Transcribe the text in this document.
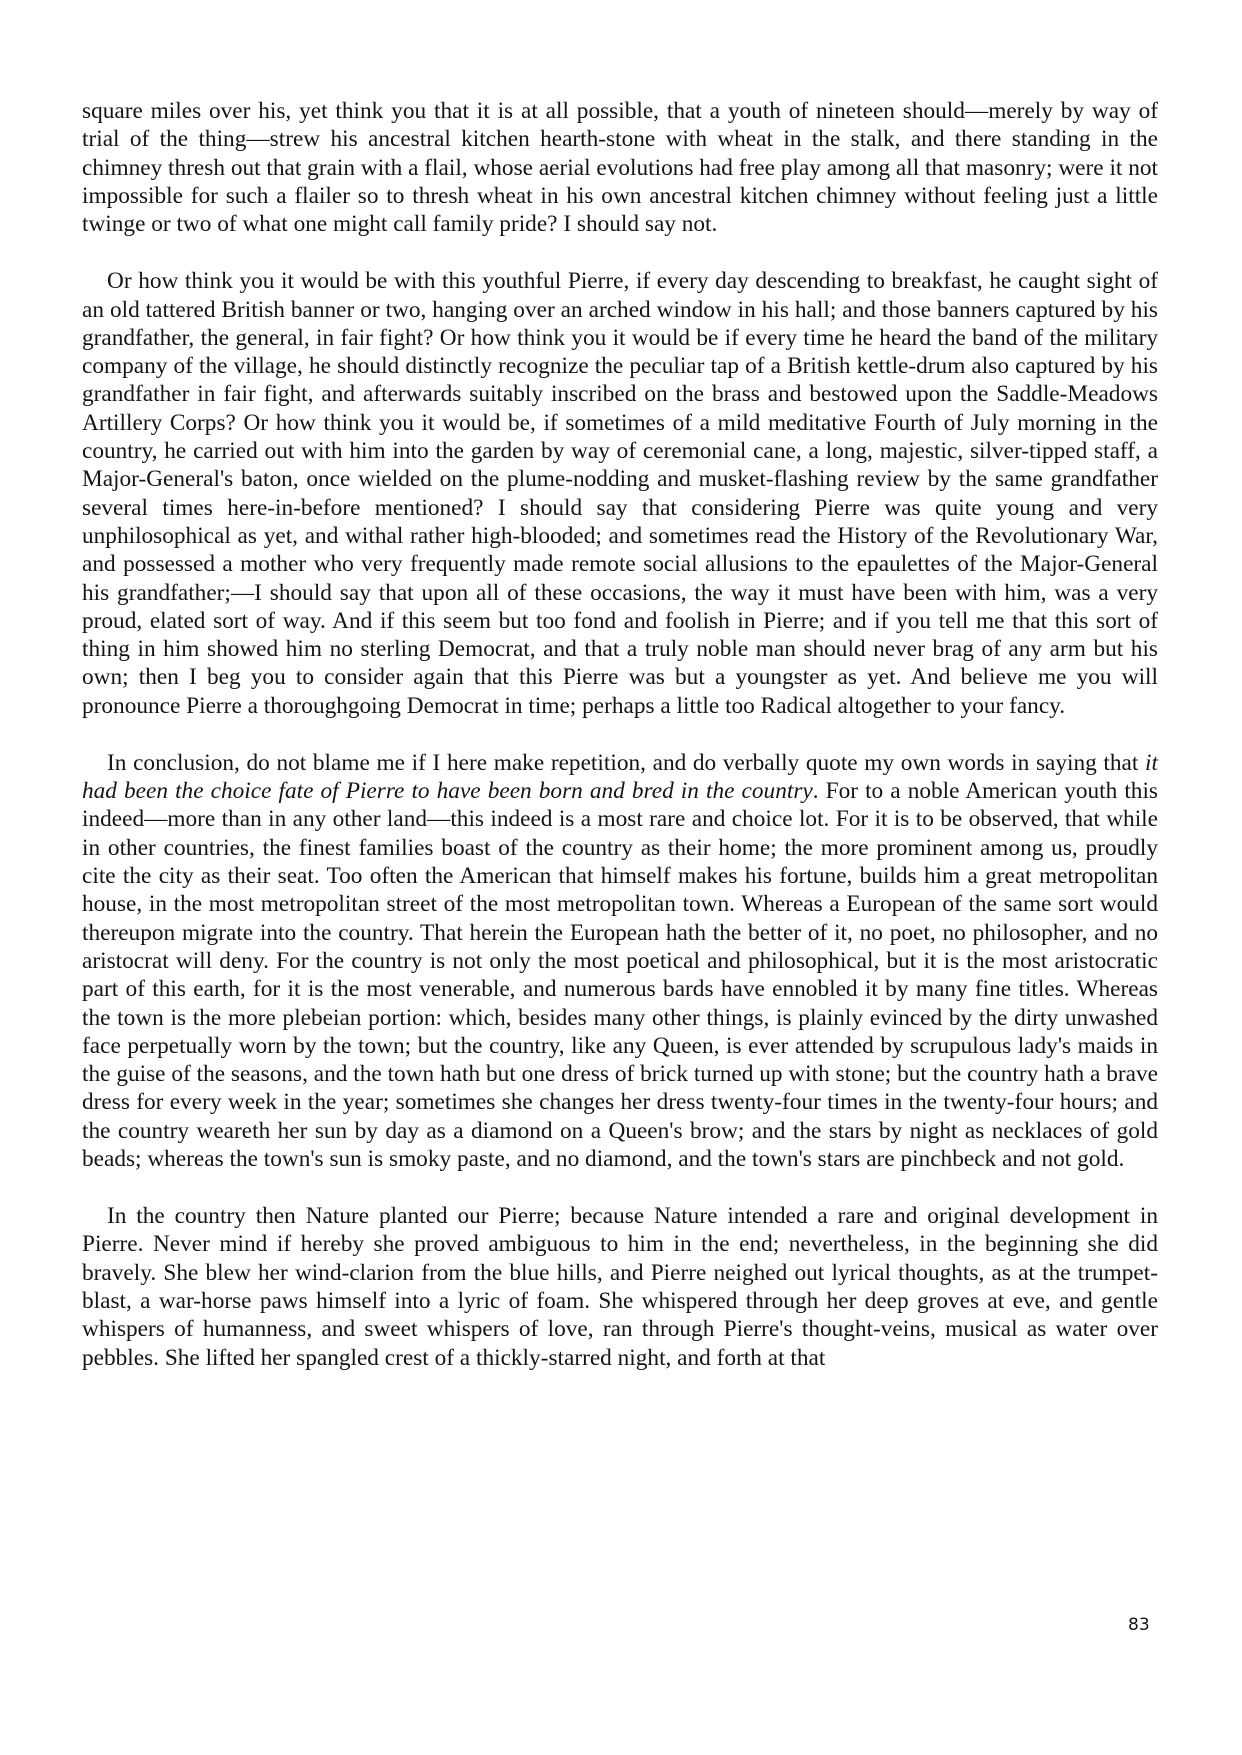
square miles over his, yet think you that it is at all possible, that a youth of nineteen should—merely by way of trial of the thing—strew his ancestral kitchen hearth-stone with wheat in the stalk, and there standing in the chimney thresh out that grain with a flail, whose aerial evolutions had free play among all that masonry; were it not impossible for such a flailer so to thresh wheat in his own ancestral kitchen chimney without feeling just a little twinge or two of what one might call family pride? I should say not.

Or how think you it would be with this youthful Pierre, if every day descending to breakfast, he caught sight of an old tattered British banner or two, hanging over an arched window in his hall; and those banners captured by his grandfather, the general, in fair fight? Or how think you it would be if every time he heard the band of the military company of the village, he should distinctly recognize the peculiar tap of a British kettle-drum also captured by his grandfather in fair fight, and afterwards suitably inscribed on the brass and bestowed upon the Saddle-Meadows Artillery Corps? Or how think you it would be, if sometimes of a mild meditative Fourth of July morning in the country, he carried out with him into the garden by way of ceremonial cane, a long, majestic, silver-tipped staff, a Major-General's baton, once wielded on the plume-nodding and musket-flashing review by the same grandfather several times here-in-before mentioned? I should say that considering Pierre was quite young and very unphilosophical as yet, and withal rather high-blooded; and sometimes read the History of the Revolutionary War, and possessed a mother who very frequently made remote social allusions to the epaulettes of the Major-General his grandfather;—I should say that upon all of these occasions, the way it must have been with him, was a very proud, elated sort of way. And if this seem but too fond and foolish in Pierre; and if you tell me that this sort of thing in him showed him no sterling Democrat, and that a truly noble man should never brag of any arm but his own; then I beg you to consider again that this Pierre was but a youngster as yet. And believe me you will pronounce Pierre a thoroughgoing Democrat in time; perhaps a little too Radical altogether to your fancy.

In conclusion, do not blame me if I here make repetition, and do verbally quote my own words in saying that it had been the choice fate of Pierre to have been born and bred in the country. For to a noble American youth this indeed—more than in any other land—this indeed is a most rare and choice lot. For it is to be observed, that while in other countries, the finest families boast of the country as their home; the more prominent among us, proudly cite the city as their seat. Too often the American that himself makes his fortune, builds him a great metropolitan house, in the most metropolitan street of the most metropolitan town. Whereas a European of the same sort would thereupon migrate into the country. That herein the European hath the better of it, no poet, no philosopher, and no aristocrat will deny. For the country is not only the most poetical and philosophical, but it is the most aristocratic part of this earth, for it is the most venerable, and numerous bards have ennobled it by many fine titles. Whereas the town is the more plebeian portion: which, besides many other things, is plainly evinced by the dirty unwashed face perpetually worn by the town; but the country, like any Queen, is ever attended by scrupulous lady's maids in the guise of the seasons, and the town hath but one dress of brick turned up with stone; but the country hath a brave dress for every week in the year; sometimes she changes her dress twenty-four times in the twenty-four hours; and the country weareth her sun by day as a diamond on a Queen's brow; and the stars by night as necklaces of gold beads; whereas the town's sun is smoky paste, and no diamond, and the town's stars are pinchbeck and not gold.

In the country then Nature planted our Pierre; because Nature intended a rare and original development in Pierre. Never mind if hereby she proved ambiguous to him in the end; nevertheless, in the beginning she did bravely. She blew her wind-clarion from the blue hills, and Pierre neighed out lyrical thoughts, as at the trumpet-blast, a war-horse paws himself into a lyric of foam. She whispered through her deep groves at eve, and gentle whispers of humanness, and sweet whispers of love, ran through Pierre's thought-veins, musical as water over pebbles. She lifted her spangled crest of a thickly-starred night, and forth at that

83
